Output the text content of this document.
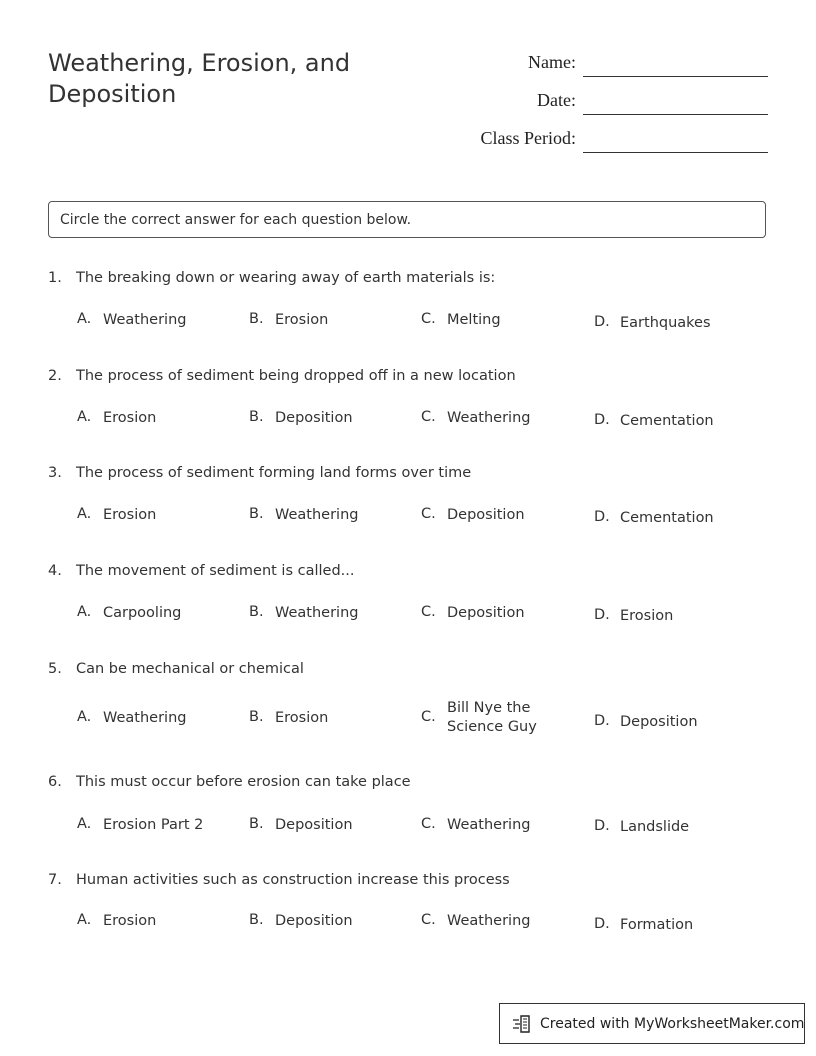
Weathering, Erosion, and Deposition
Name:
Date:
Class Period:
Circle the correct answer for each question below.
1. The breaking down or wearing away of earth materials is:
A. Weathering	B. Erosion	C. Melting	D. Earthquakes
2. The process of sediment being dropped off in a new location
A. Erosion	B. Deposition	C. Weathering	D. Cementation
3. The process of sediment forming land forms over time
A. Erosion	B. Weathering	C. Deposition	D. Cementation
4. The movement of sediment is called...
A. Carpooling	B. Weathering	C. Deposition	D. Erosion
5. Can be mechanical or chemical
A. Weathering	B. Erosion	C.
Bill Nye the Science Guy	D. Deposition
6. This must occur before erosion can take place
A. Erosion Part 2	B. Deposition	C. Weathering	D. Landslide
7. Human activities such as construction increase this process
A. Erosion	B. Deposition	C. Weathering	D. Formation
Created with MyWorksheetMaker.com
